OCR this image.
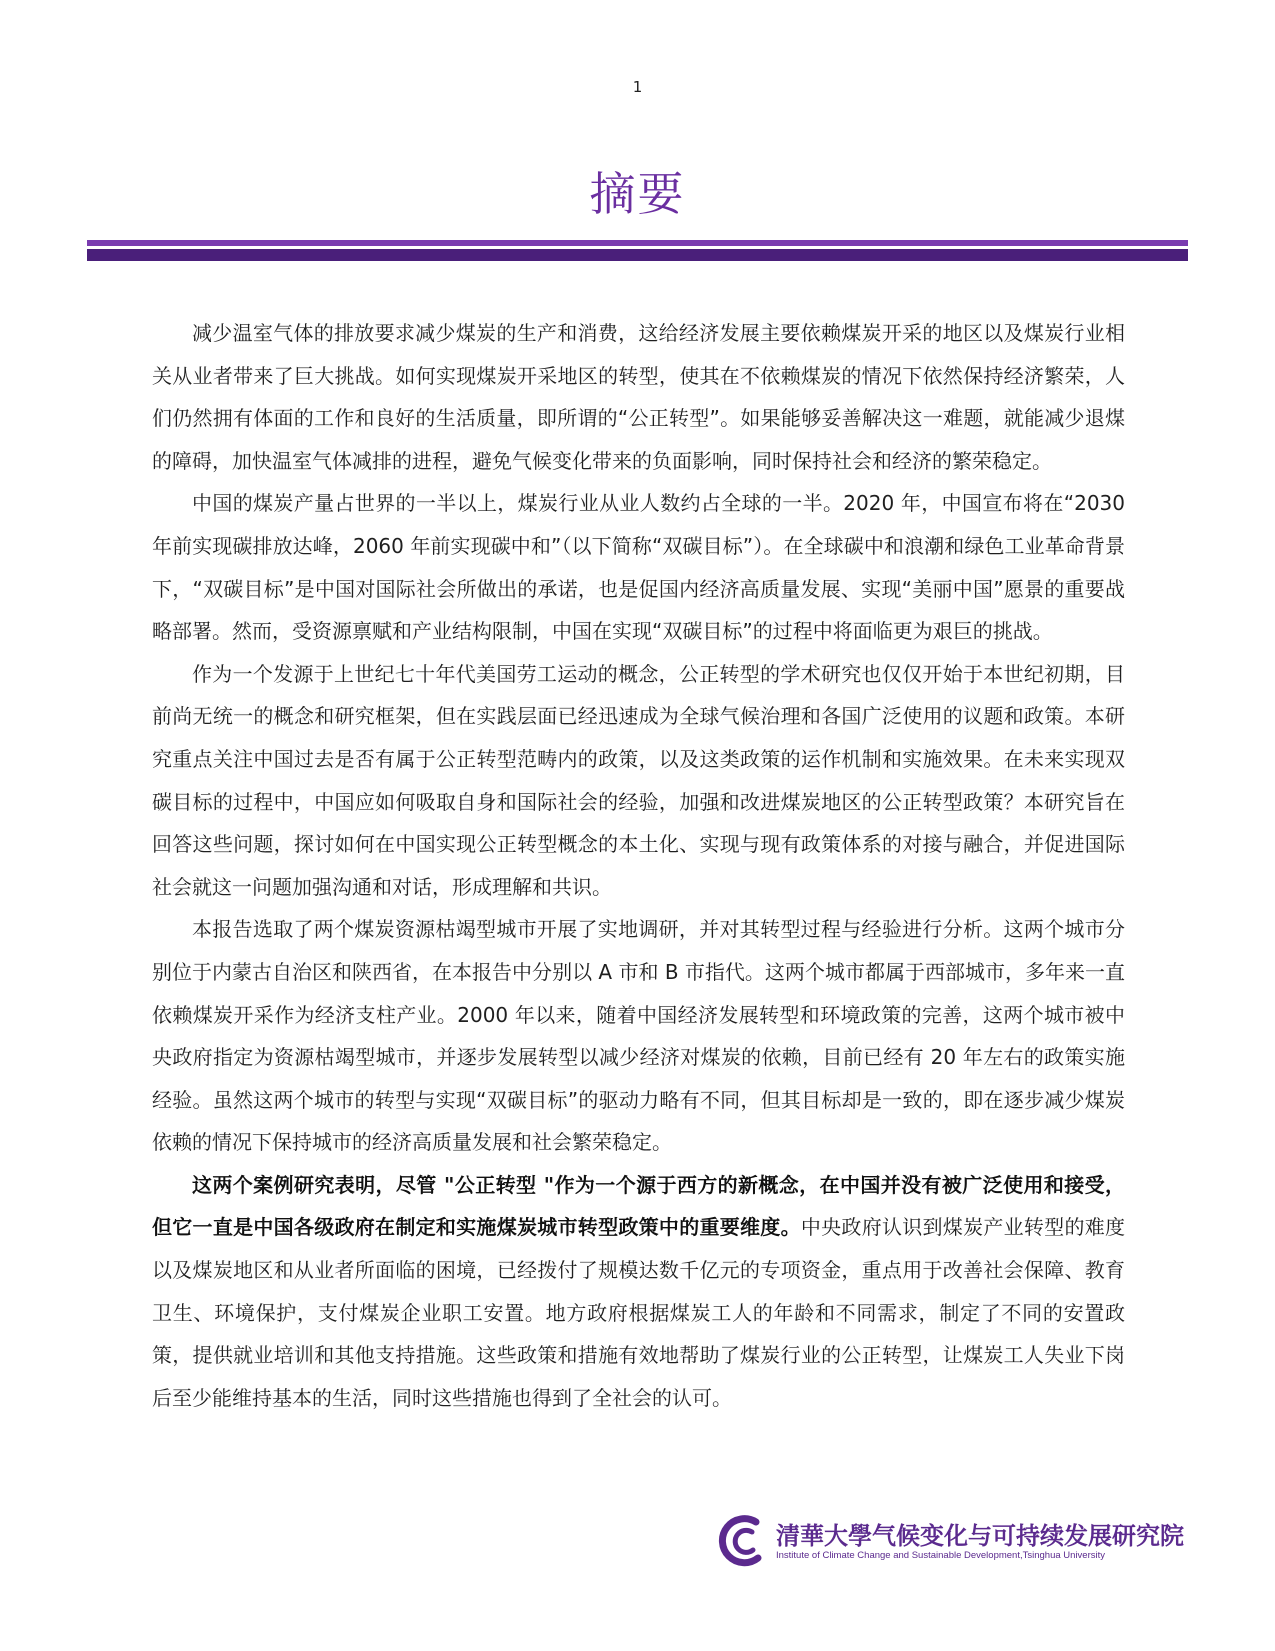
1
摘要

减少温室气体的排放要求减少煤炭的生产和消费，这给经济发展主要依赖煤炭开采的地区以及煤炭行业相关从业者带来了巨大挑战。如何实现煤炭开采地区的转型，使其在不依赖煤炭的情况下依然保持经济繁荣，人们仍然拥有体面的工作和良好的生活质量，即所谓的“公正转型”。如果能够妥善解决这一难题，就能减少退煤的障碍，加快温室气体减排的进程，避免气候变化带来的负面影响，同时保持社会和经济的繁荣稳定。

中国的煤炭产量占世界的一半以上，煤炭行业从业人数约占全球的一半。2020 年，中国宣布将在“2030 年前实现碳排放达峰，2060 年前实现碳中和”（以下简称“双碳目标”）。在全球碳中和浪潮和绿色工业革命背景下，“双碳目标”是中国对国际社会所做出的承诺，也是促国内经济高质量发展、实现“美丽中国”愿景的重要战略部署。然而，受资源禀赋和产业结构限制，中国在实现“双碳目标”的过程中将面临更为艰巨的挑战。

作为一个发源于上世纪七十年代美国劳工运动的概念，公正转型的学术研究也仅仅开始于本世纪初期，目前尚无统一的概念和研究框架，但在实践层面已经迅速成为全球气候治理和各国广泛使用的议题和政策。本研究重点关注中国过去是否有属于公正转型范畴内的政策，以及这类政策的运作机制和实施效果。在未来实现双碳目标的过程中，中国应如何吸取自身和国际社会的经验，加强和改进煤炭地区的公正转型政策？本研究旨在回答这些问题，探讨如何在中国实现公正转型概念的本土化、实现与现有政策体系的对接与融合，并促进国际社会就这一问题加强沟通和对话，形成理解和共识。

本报告选取了两个煤炭资源枯竭型城市开展了实地调研，并对其转型过程与经验进行分析。这两个城市分别位于内蒙古自治区和陕西省，在本报告中分别以 A 市和 B 市指代。这两个城市都属于西部城市，多年来一直依赖煤炭开采作为经济支柱产业。2000 年以来，随着中国经济发展转型和环境政策的完善，这两个城市被中央政府指定为资源枯竭型城市，并逐步发展转型以减少经济对煤炭的依赖，目前已经有 20 年左右的政策实施经验。虽然这两个城市的转型与实现“双碳目标”的驱动力略有不同，但其目标却是一致的，即在逐步减少煤炭依赖的情况下保持城市的经济高质量发展和社会繁荣稳定。

这两个案例研究表明，尽管 "公正转型 "作为一个源于西方的新概念，在中国并没有被广泛使用和接受，但它一直是中国各级政府在制定和实施煤炭城市转型政策中的重要维度。中央政府认识到煤炭产业转型的难度以及煤炭地区和从业者所面临的困境，已经拨付了规模达数千亿元的专项资金，重点用于改善社会保障、教育卫生、环境保护，支付煤炭企业职工安置。地方政府根据煤炭工人的年龄和不同需求，制定了不同的安置政策，提供就业培训和其他支持措施。这些政策和措施有效地帮助了煤炭行业的公正转型，让煤炭工人失业下岗后至少能维持基本的生活，同时这些措施也得到了全社会的认可。

清華大學气候变化与可持续发展研究院
Institute of Climate Change and Sustainable Development,Tsinghua University
